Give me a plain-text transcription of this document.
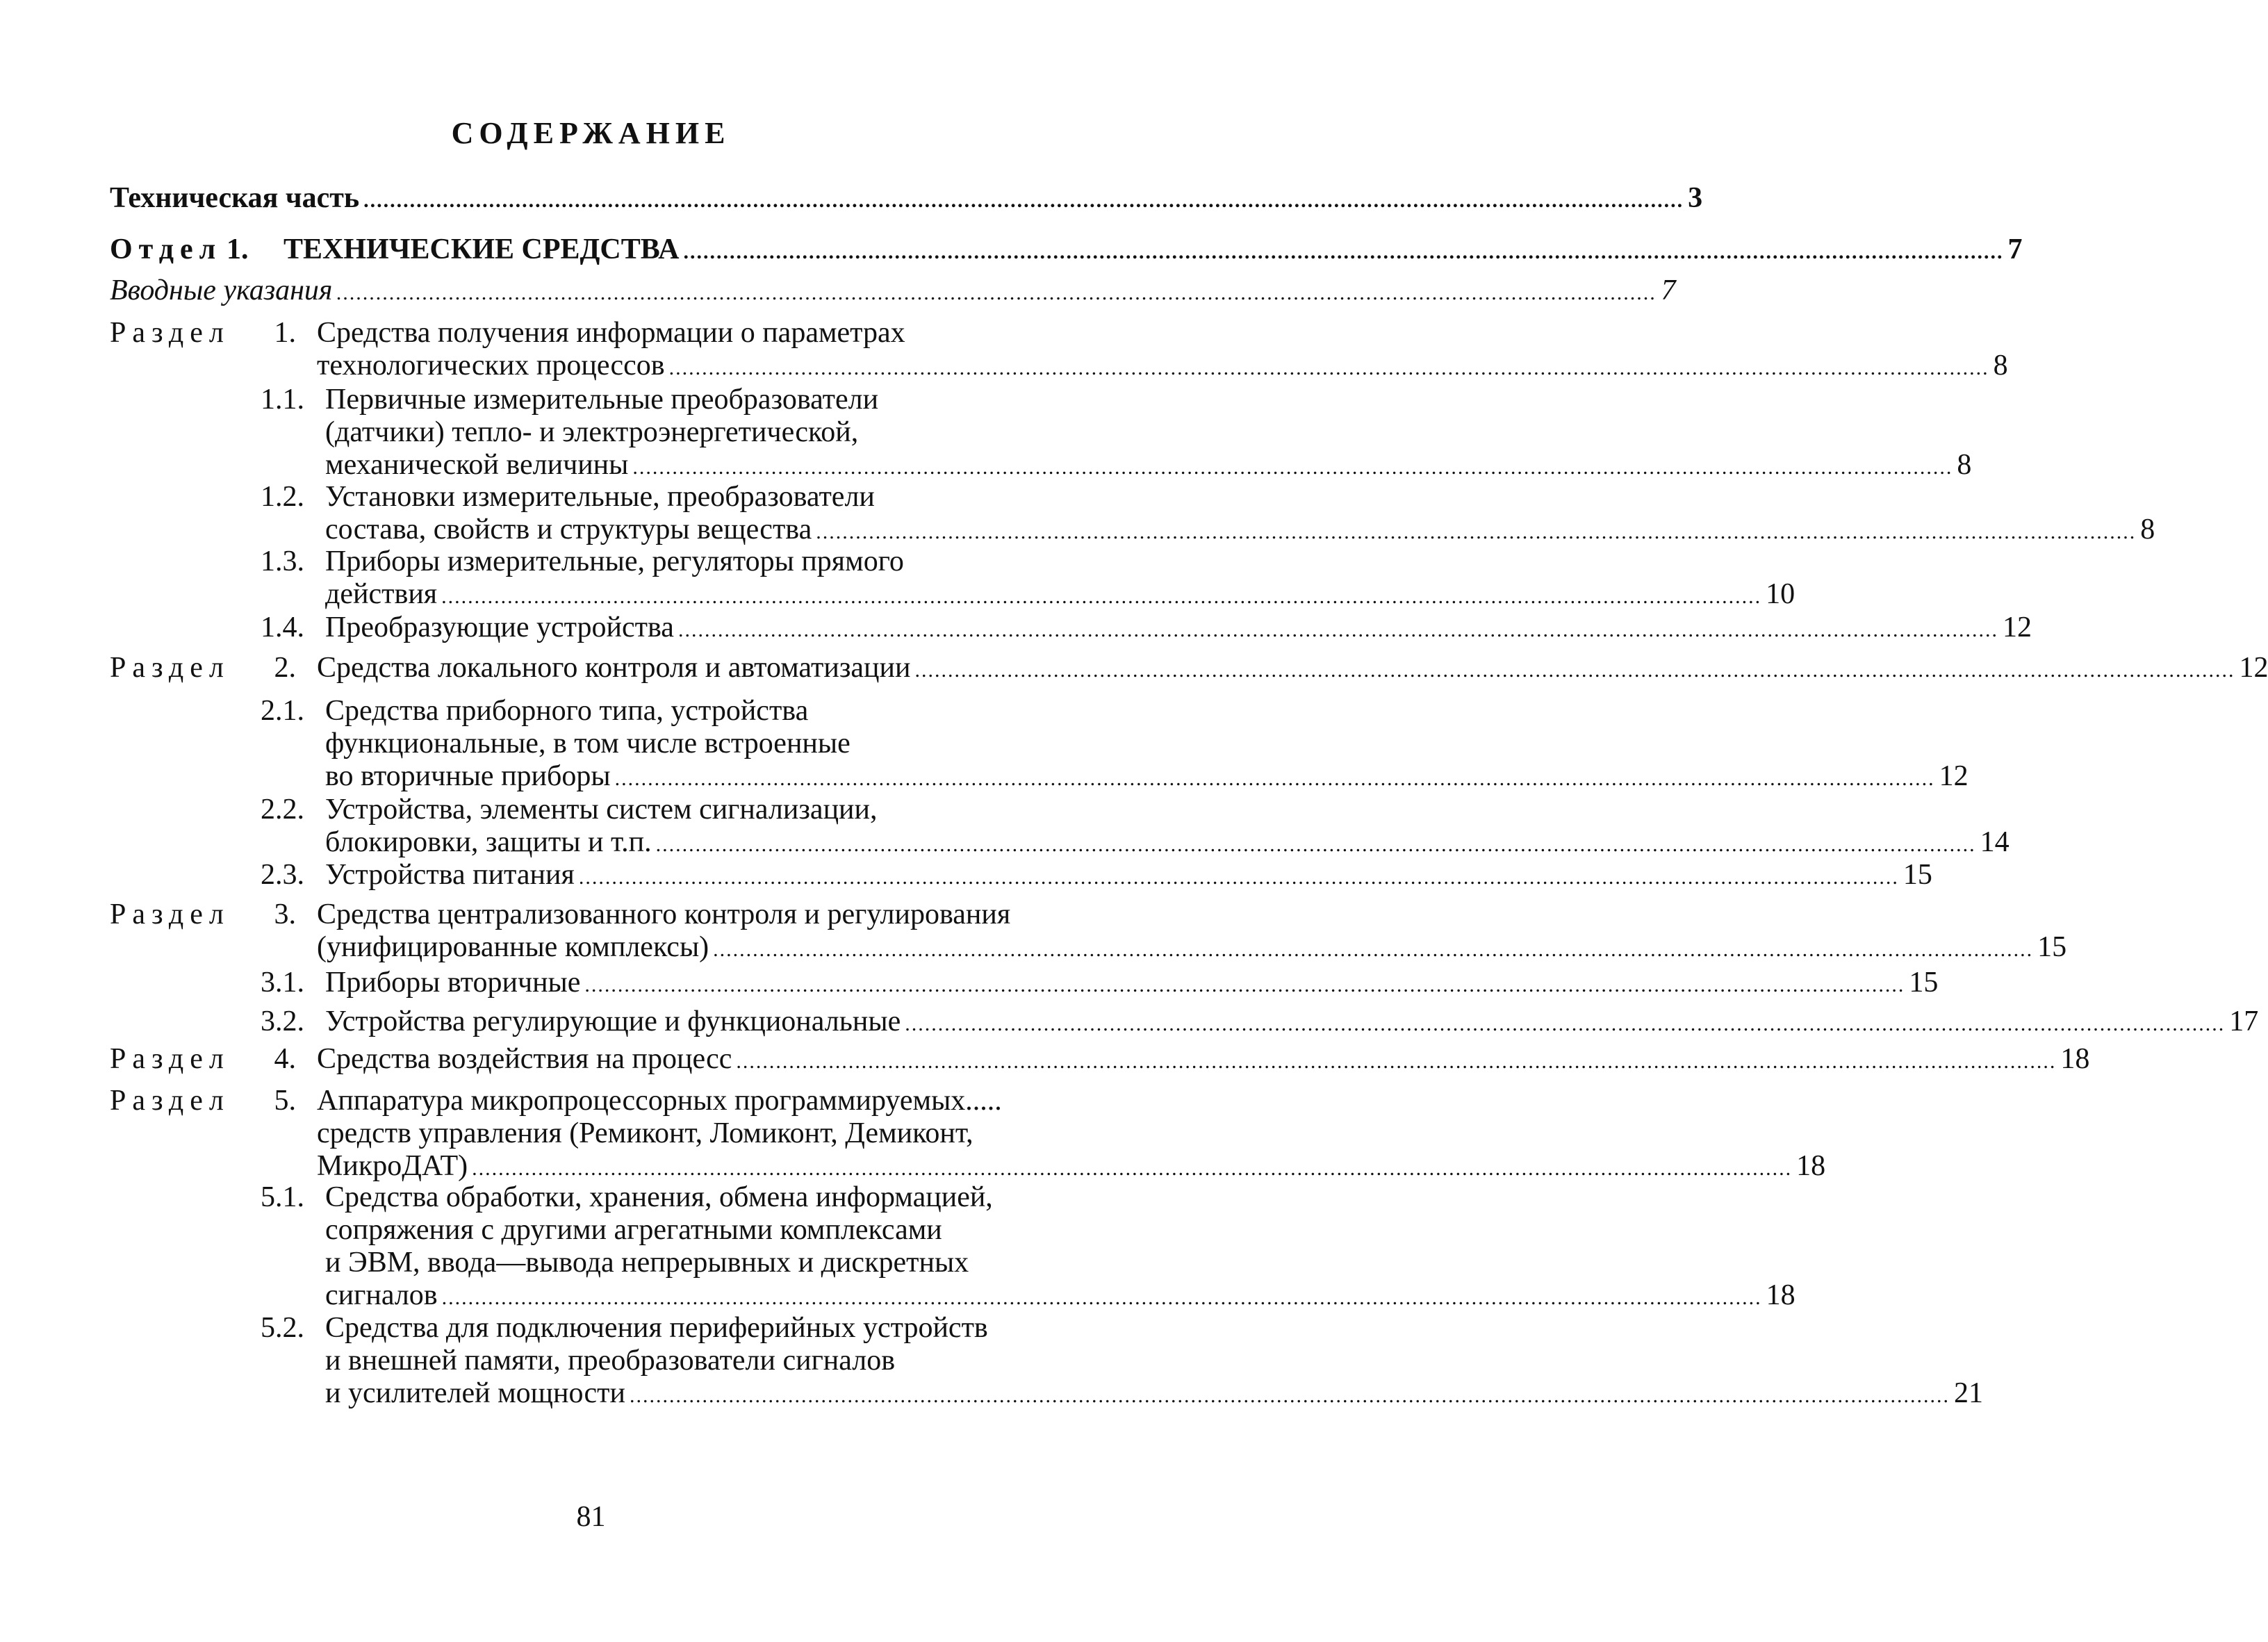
СОДЕРЖАНИЕ
Техническая часть ........................................................................................................................................................................................................ 3
Отдел 1. ТЕХНИЧЕСКИЕ СРЕДСТВА ........................................................................................................................................................................................................ 7
Вводные указания ........................................................................................................................................................................................................ 7
Раздел	1. Средства получения информации о параметрах
технологических процессов ........................................................................................................................................................................................................ 8
1.1. Первичные измерительные преобразователи
(датчики) тепло- и электроэнергетической,
механической величины ........................................................................................................................................................................................................ 8
1.2. Установки измерительные, преобразователи
состава, свойств и структуры вещества ........................................................................................................................................................................................................ 8
1.3. Приборы измерительные, регуляторы прямого
действия ........................................................................................................................................................................................................ 10
1.4. Преобразующие устройства ........................................................................................................................................................................................................ 12
Раздел	2. Средства локального контроля и автоматизации ........................................................................................................................................................................................................ 12
2.1. Средства приборного типа, устройства
функциональные, в том числе встроенные
во вторичные приборы ........................................................................................................................................................................................................ 12
2.2. Устройства, элементы систем сигнализации,
блокировки, защиты и т.п. ........................................................................................................................................................................................................ 14
2.3. Устройства питания ........................................................................................................................................................................................................ 15
Раздел	3. Средства централизованного контроля и регулирования
(унифицированные комплексы) ........................................................................................................................................................................................................ 15
3.1. Приборы вторичные ........................................................................................................................................................................................................ 15
3.2. Устройства регулирующие и функциональные ........................................................................................................................................................................................................ 17
Раздел	4. Средства воздействия на процесс ........................................................................................................................................................................................................ 18
Раздел	5. Аппаратура микропроцессорных программируемых.....
средств управления (Ремиконт, Ломиконт, Демиконт,
МикроДАТ) ........................................................................................................................................................................................................ 18
5.1. Средства обработки, хранения, обмена информацией,
сопряжения с другими агрегатными комплексами
и ЭВМ, ввода—вывода непрерывных и дискретных
сигналов ........................................................................................................................................................................................................ 18
5.2. Средства для подключения периферийных устройств
и внешней памяти, преобразователи сигналов
и усилителей мощности ........................................................................................................................................................................................................ 21
81
